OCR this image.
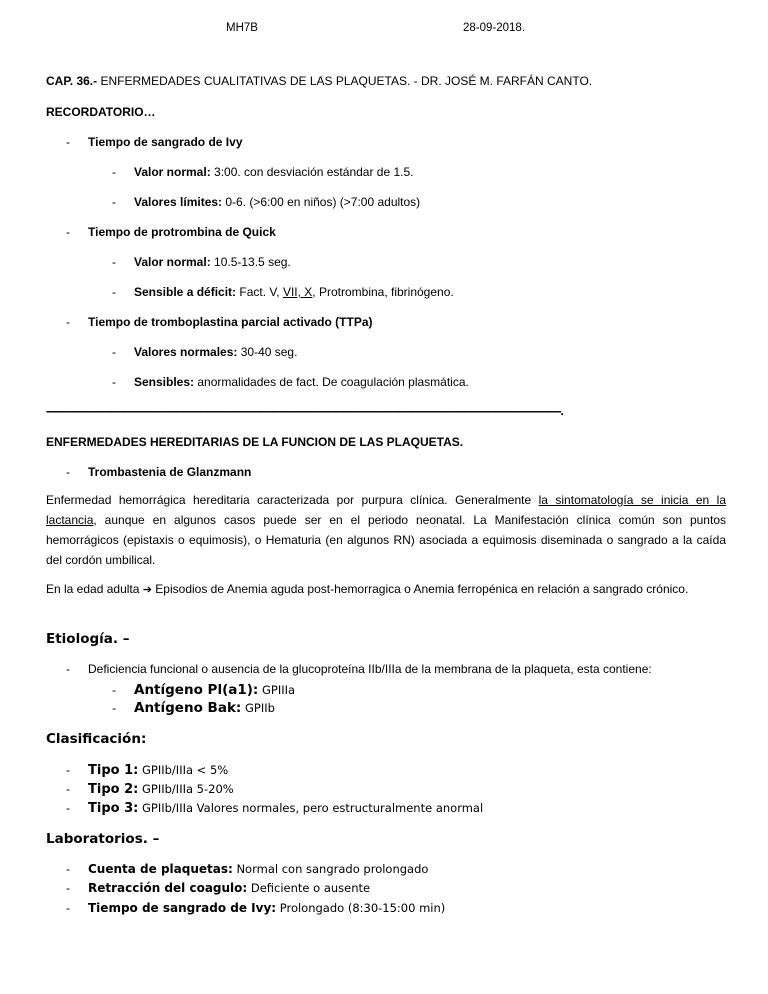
MH7B	28-09-2018.
CAP. 36.- ENFERMEDADES CUALITATIVAS DE LAS PLAQUETAS. - DR. JOSÉ M. FARFÁN CANTO.
RECORDATORIO…
- Tiempo de sangrado de Ivy
- Valor normal: 3:00. con desviación estándar de 1.5.
- Valores límites: 0-6. (>6:00 en niños) (>7:00 adultos)
- Tiempo de protrombina de Quick
- Valor normal: 10.5-13.5 seg.
- Sensible a déficit: Fact. V, VII, X, Protrombina, fibrinógeno.
- Tiempo de tromboplastina parcial activado (TTPa)
- Valores normales: 30-40 seg.
- Sensibles: anormalidades de fact. De coagulación plasmática.
----------------------------------------------------------------------------------------------------------------------------------------------------------------------------------------.
ENFERMEDADES HEREDITARIAS DE LA FUNCION DE LAS PLAQUETAS.
- Trombastenia de Glanzmann
Enfermedad hemorrágica hereditaria caracterizada por purpura clínica. Generalmente la sintomatología se inicia en la lactancia, aunque en algunos casos puede ser en el periodo neonatal. La Manifestación clínica común son puntos hemorrágicos (epistaxis o equimosis), o Hematuria (en algunos RN) asociada a equimosis diseminada o sangrado a la caída del cordón umbilical.
En la edad adulta ➔ Episodios de Anemia aguda post-hemorragica o Anemia ferropénica en relación a sangrado crónico.
Etiología. –
- Deficiencia funcional o ausencia de la glucoproteína IIb/IIIa de la membrana de la plaqueta, esta contiene:
- Antígeno Pl(a1): GPIIIa
- Antígeno Bak: GPIIb
Clasificación:
- Tipo 1: GPIIb/IIIa < 5%
- Tipo 2: GPIIb/IIIa 5-20%
- Tipo 3: GPIIb/IIIa Valores normales, pero estructuralmente anormal
Laboratorios. –
- Cuenta de plaquetas: Normal con sangrado prolongado
- Retracción del coagulo: Deficiente o ausente
- Tiempo de sangrado de Ivy: Prolongado (8:30-15:00 min)
